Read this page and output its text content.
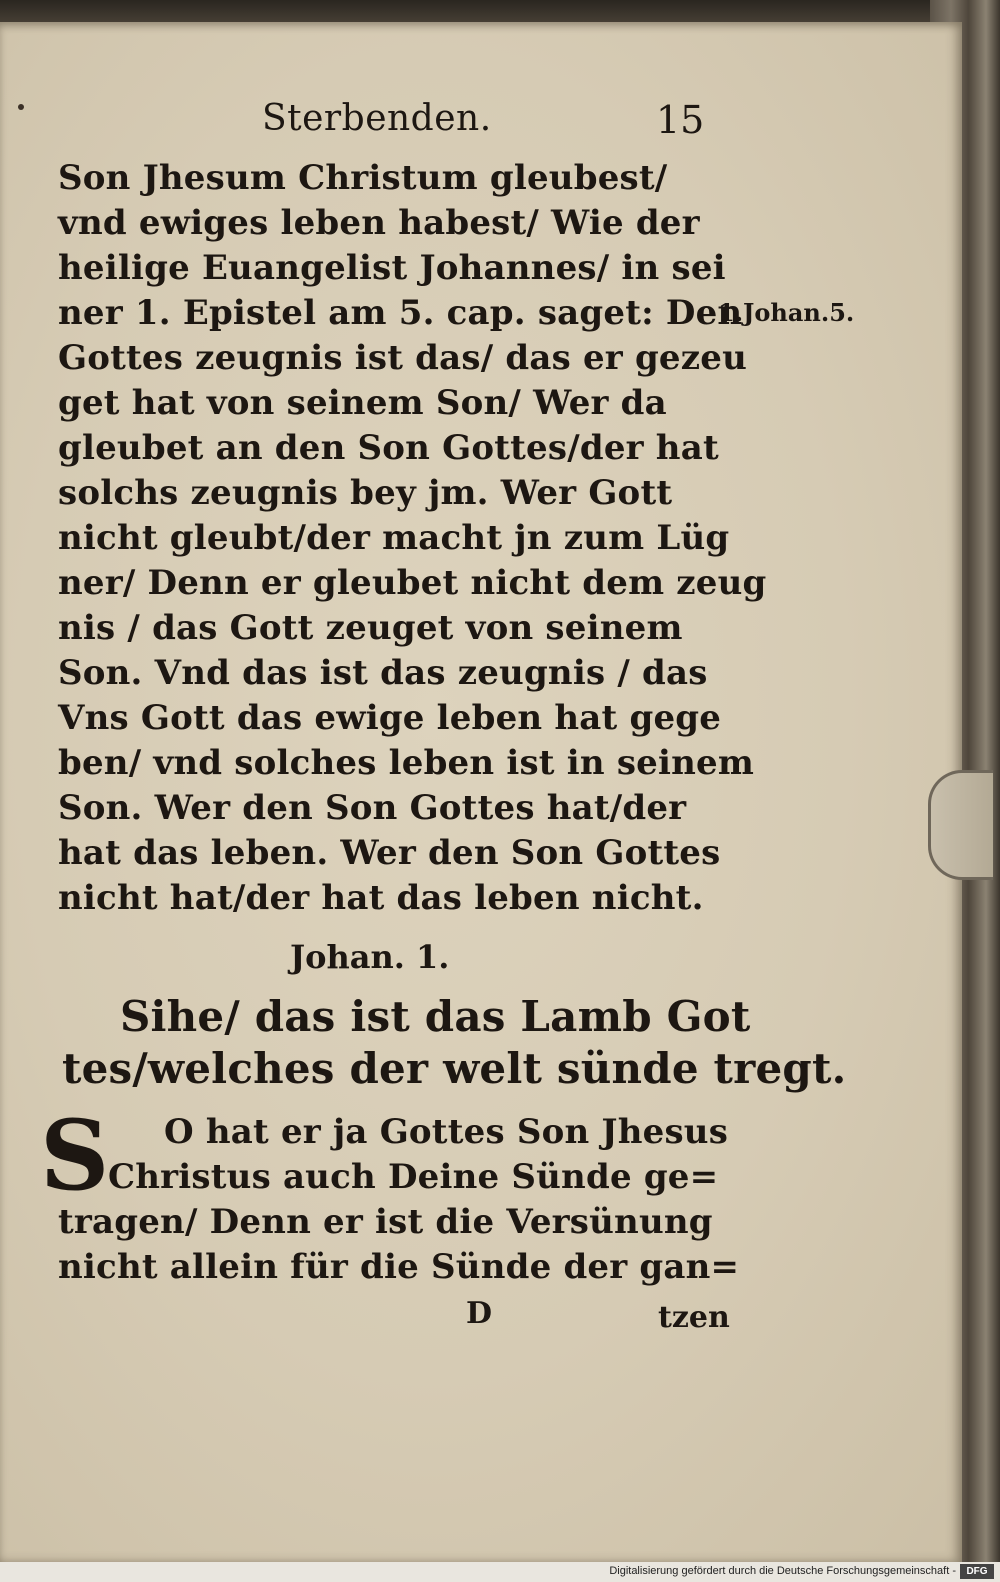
Sterbenden.	15
Son Jhesum Christum gleubest/
vnd ewiges leben habest/ Wie der
heilige Euangelist Johannes/ in sei
ner 1. Epistel am 5. cap. saget: Den
Gottes zeugnis ist das/ das er gezeu
get hat von seinem Son/ Wer da
gleubet an den Son Gottes/der hat
solchs zeugnis bey jm. Wer Gott
nicht gleubt/der macht jn zum Lüg
ner/ Denn er gleubet nicht dem zeug
nis / das Gott zeuget von seinem
Son. Vnd das ist das zeugnis / das
Vns Gott das ewige leben hat gege
ben/ vnd solches leben ist in seinem
Son. Wer den Son Gottes hat/der
hat das leben. Wer den Son Gottes
nicht hat/der hat das leben nicht.
1.Johan.5.
Johan. 1.
Sihe/ das ist das Lamb Got
tes/welches der welt sünde tregt.
S O hat er ja Gottes Son Jhesus
Christus auch Deine Sünde ge=
tragen/ Denn er ist die Versünung
nicht allein für die Sünde der gan=
D	tzen
Digitalisierung gefördert durch die Deutsche Forschungsgemeinschaft -	DFG
